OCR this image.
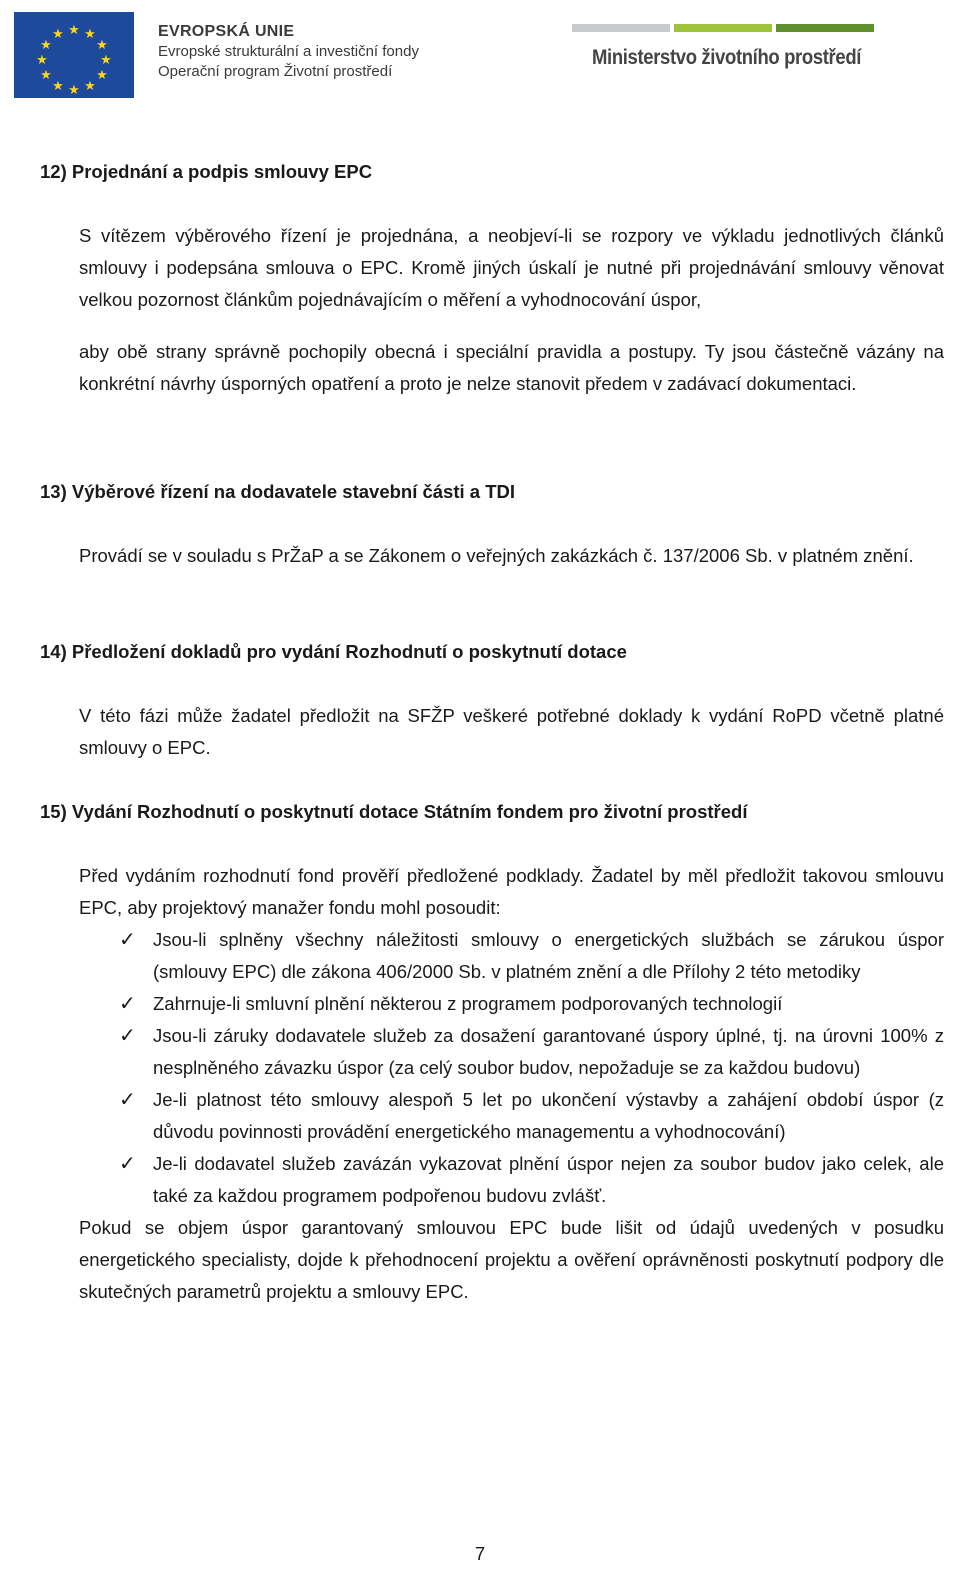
★ ★
★
★
★
★
★
★
★
★
★
★	EVROPSKÁ UNIE
Evropské strukturální a investiční fondy
Operační program Životní prostředí
Ministerstvo životního prostředí
12) Projednání a podpis smlouvy EPC

S vítězem výběrového řízení je projednána, a neobjeví-li se rozpory ve výkladu jednotlivých článků smlouvy i podepsána smlouva o EPC. Kromě jiných úskalí je nutné při projednávání smlouvy věnovat velkou pozornost článkům pojednávajícím o měření a vyhodnocování úspor,

aby obě strany správně pochopily obecná i speciální pravidla a postupy. Ty jsou částečně vázány na konkrétní návrhy úsporných opatření a proto je nelze stanovit předem v zadávací dokumentaci.

13) Výběrové řízení na dodavatele stavební části a TDI

Provádí se v souladu s PrŽaP a se Zákonem o veřejných zakázkách č. 137/2006 Sb. v platném znění.

14) Předložení dokladů pro vydání Rozhodnutí o poskytnutí dotace

V této fázi může žadatel předložit na SFŽP veškeré potřebné doklady k vydání RoPD včetně platné smlouvy o EPC.

15) Vydání Rozhodnutí o poskytnutí dotace Státním fondem pro životní prostředí

Před vydáním rozhodnutí fond prověří předložené podklady. Žadatel by měl předložit takovou smlouvu EPC, aby projektový manažer fondu mohl posoudit:

✓ Jsou-li splněny všechny náležitosti smlouvy o energetických službách se zárukou úspor (smlouvy EPC) dle zákona 406/2000 Sb. v platném znění a dle Přílohy 2 této metodiky
✓ Zahrnuje-li smluvní plnění některou z programem podporovaných technologií
✓ Jsou-li záruky dodavatele služeb za dosažení garantované úspory úplné, tj. na úrovni 100% z nesplněného závazku úspor (za celý soubor budov, nepožaduje se za každou budovu)
✓ Je-li platnost této smlouvy alespoň 5 let po ukončení výstavby a zahájení období úspor (z důvodu povinnosti provádění energetického managementu a vyhodnocování)
✓ Je-li dodavatel služeb zavázán vykazovat plnění úspor nejen za soubor budov jako celek, ale také za každou programem podpořenou budovu zvlášť.

Pokud se objem úspor garantovaný smlouvou EPC bude lišit od údajů uvedených v posudku energetického specialisty, dojde k přehodnocení projektu a ověření oprávněnosti poskytnutí podpory dle skutečných parametrů projektu a smlouvy EPC.

7
